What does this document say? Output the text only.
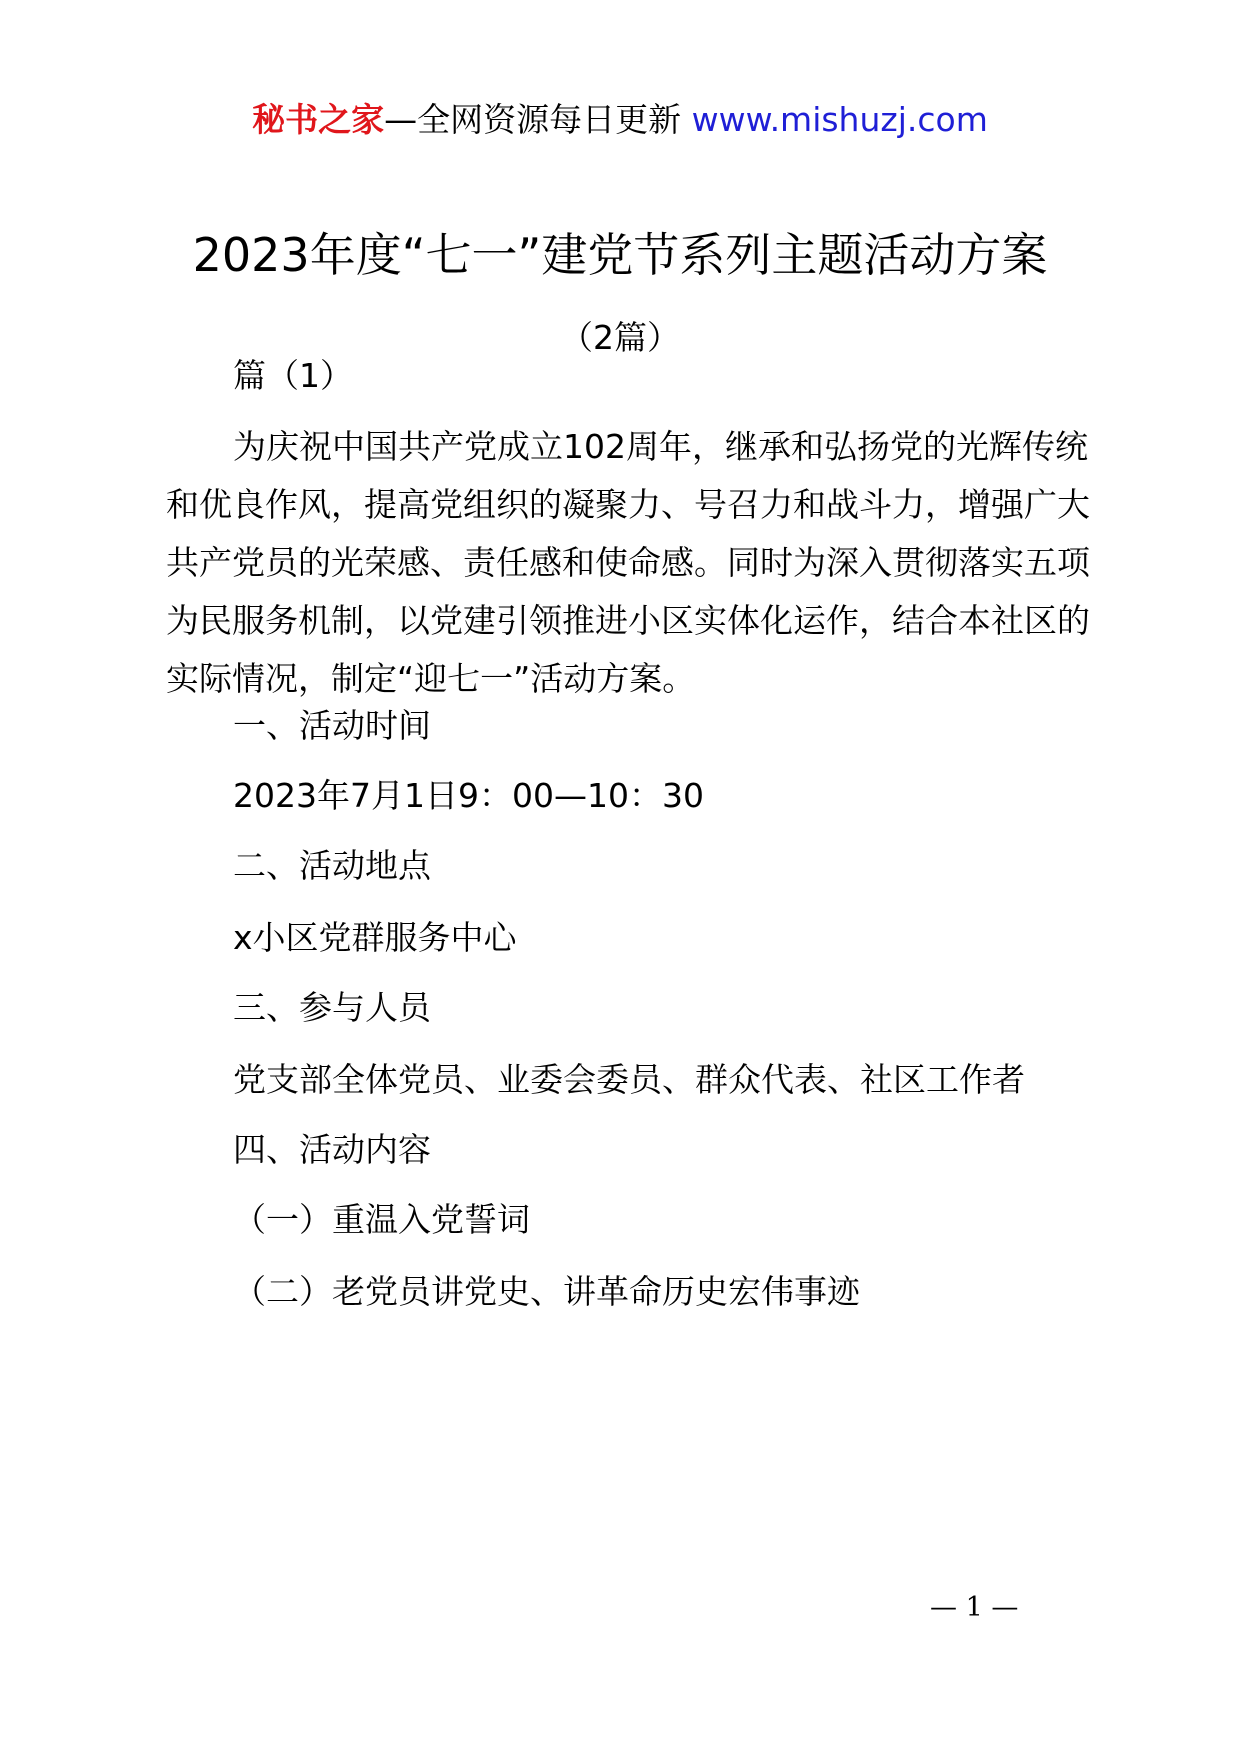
秘书之家—全网资源每日更新 www.mishuzj.com
2023年度“七一”建党节系列主题活动方案
（2篇）

篇（1）

为庆祝中国共产党成立102周年，继承和弘扬党的光辉传统和优良作风，提高党组织的凝聚力、号召力和战斗力，增强广大共产党员的光荣感、责任感和使命感。同时为深入贯彻落实五项为民服务机制，以党建引领推进小区实体化运作，结合本社区的实际情况，制定“迎七一”活动方案。

一、活动时间

2023年7月1日9：00—10：30

二、活动地点

x小区党群服务中心

三、参与人员

党支部全体党员、业委会委员、群众代表、社区工作者

四、活动内容

（一）重温入党誓词

（二）老党员讲党史、讲革命历史宏伟事迹

— 1 —
